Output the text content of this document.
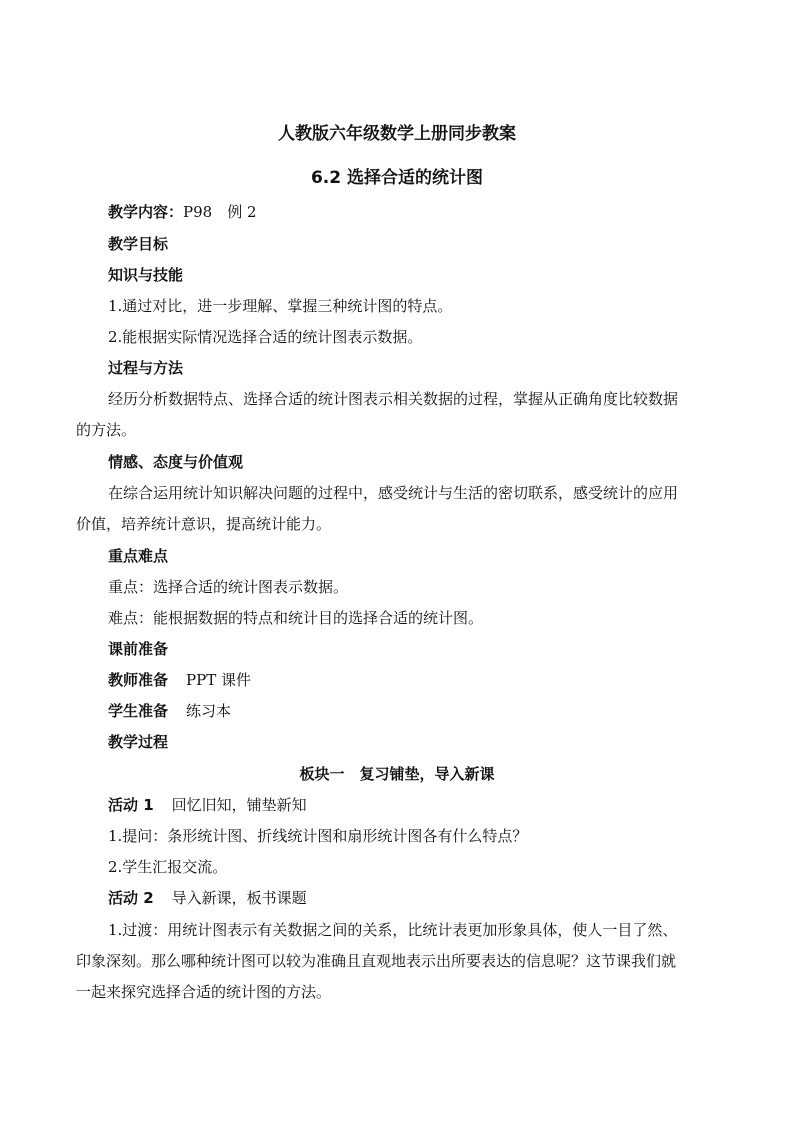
人教版六年级数学上册同步教案
6.2 选择合适的统计图
教学内容：P98　例 2
教学目标
知识与技能
1.通过对比，进一步理解、掌握三种统计图的特点。
2.能根据实际情况选择合适的统计图表示数据。
过程与方法
经历分析数据特点、选择合适的统计图表示相关数据的过程，掌握从正确角度比较数据
的方法。
情感、态度与价值观
在综合运用统计知识解决问题的过程中，感受统计与生活的密切联系，感受统计的应用
价值，培养统计意识，提高统计能力。
重点难点
重点：选择合适的统计图表示数据。
难点：能根据数据的特点和统计目的选择合适的统计图。
课前准备
教师准备 PPT 课件
学生准备 练习本
教学过程
板块一　复习铺垫，导入新课
活动 1 回忆旧知，铺垫新知
1.提问：条形统计图、折线统计图和扇形统计图各有什么特点？
2.学生汇报交流。
活动 2 导入新课，板书课题
1.过渡：用统计图表示有关数据之间的关系，比统计表更加形象具体，使人一目了然、
印象深刻。那么哪种统计图可以较为准确且直观地表示出所要表达的信息呢？这节课我们就
一起来探究选择合适的统计图的方法。
